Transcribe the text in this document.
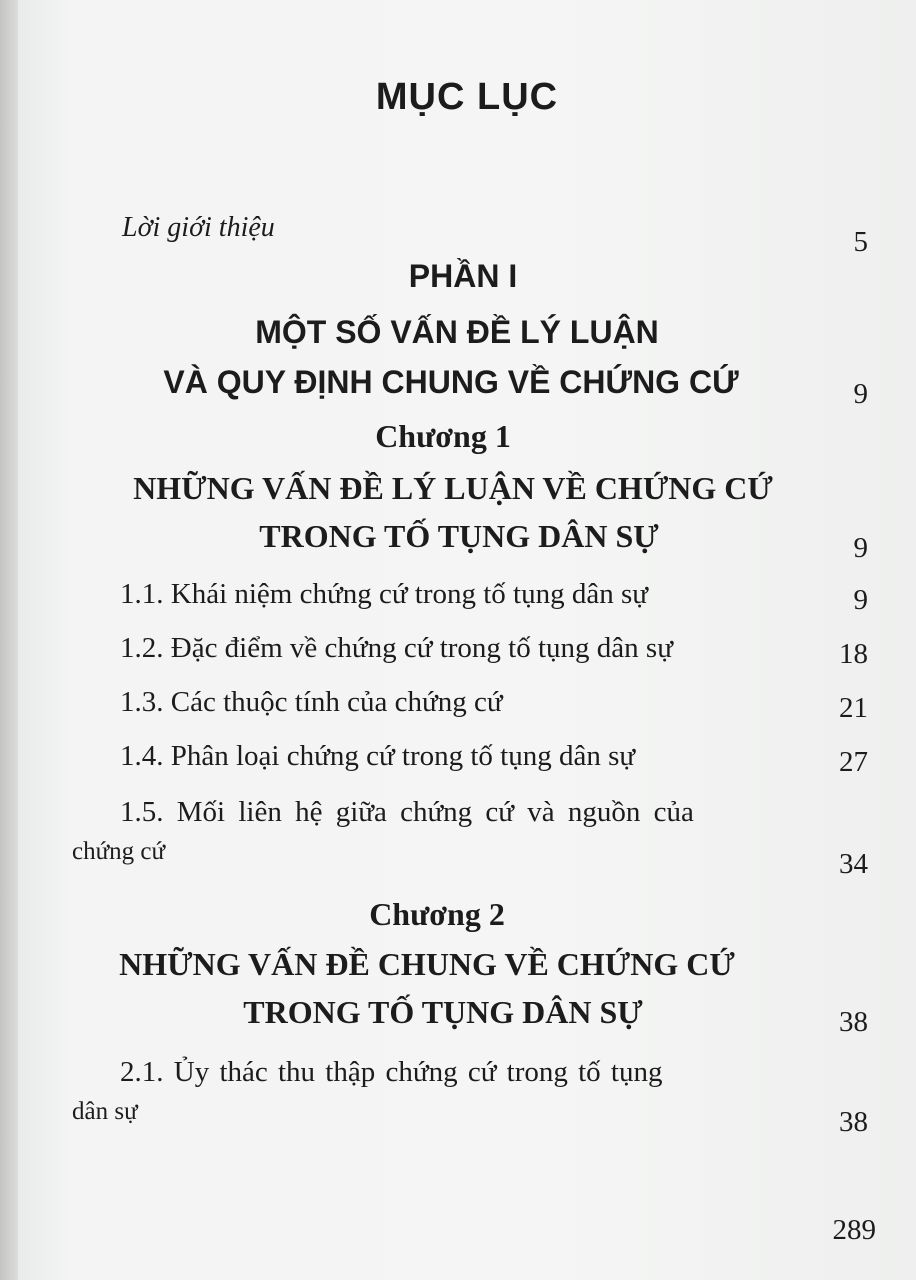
MỤC LỤC
Lời giới thiệu	5
PHẦN I
MỘT SỐ VẤN ĐỀ LÝ LUẬN
VÀ QUY ĐỊNH CHUNG VỀ CHỨNG CỨ	9
Chương 1
NHỮNG VẤN ĐỀ LÝ LUẬN VỀ CHỨNG CỨ
TRONG TỐ TỤNG DÂN SỰ	9
1.1. Khái niệm chứng cứ trong tố tụng dân sự	9
1.2. Đặc điểm về chứng cứ trong tố tụng dân sự	18
1.3. Các thuộc tính của chứng cứ	21
1.4. Phân loại chứng cứ trong tố tụng dân sự	27
1.5. Mối liên hệ giữa chứng cứ và nguồn của
chứng cứ	34
Chương 2
NHỮNG VẤN ĐỀ CHUNG VỀ CHỨNG CỨ
TRONG TỐ TỤNG DÂN SỰ	38
2.1. Ủy thác thu thập chứng cứ trong tố tụng
dân sự	38
289
